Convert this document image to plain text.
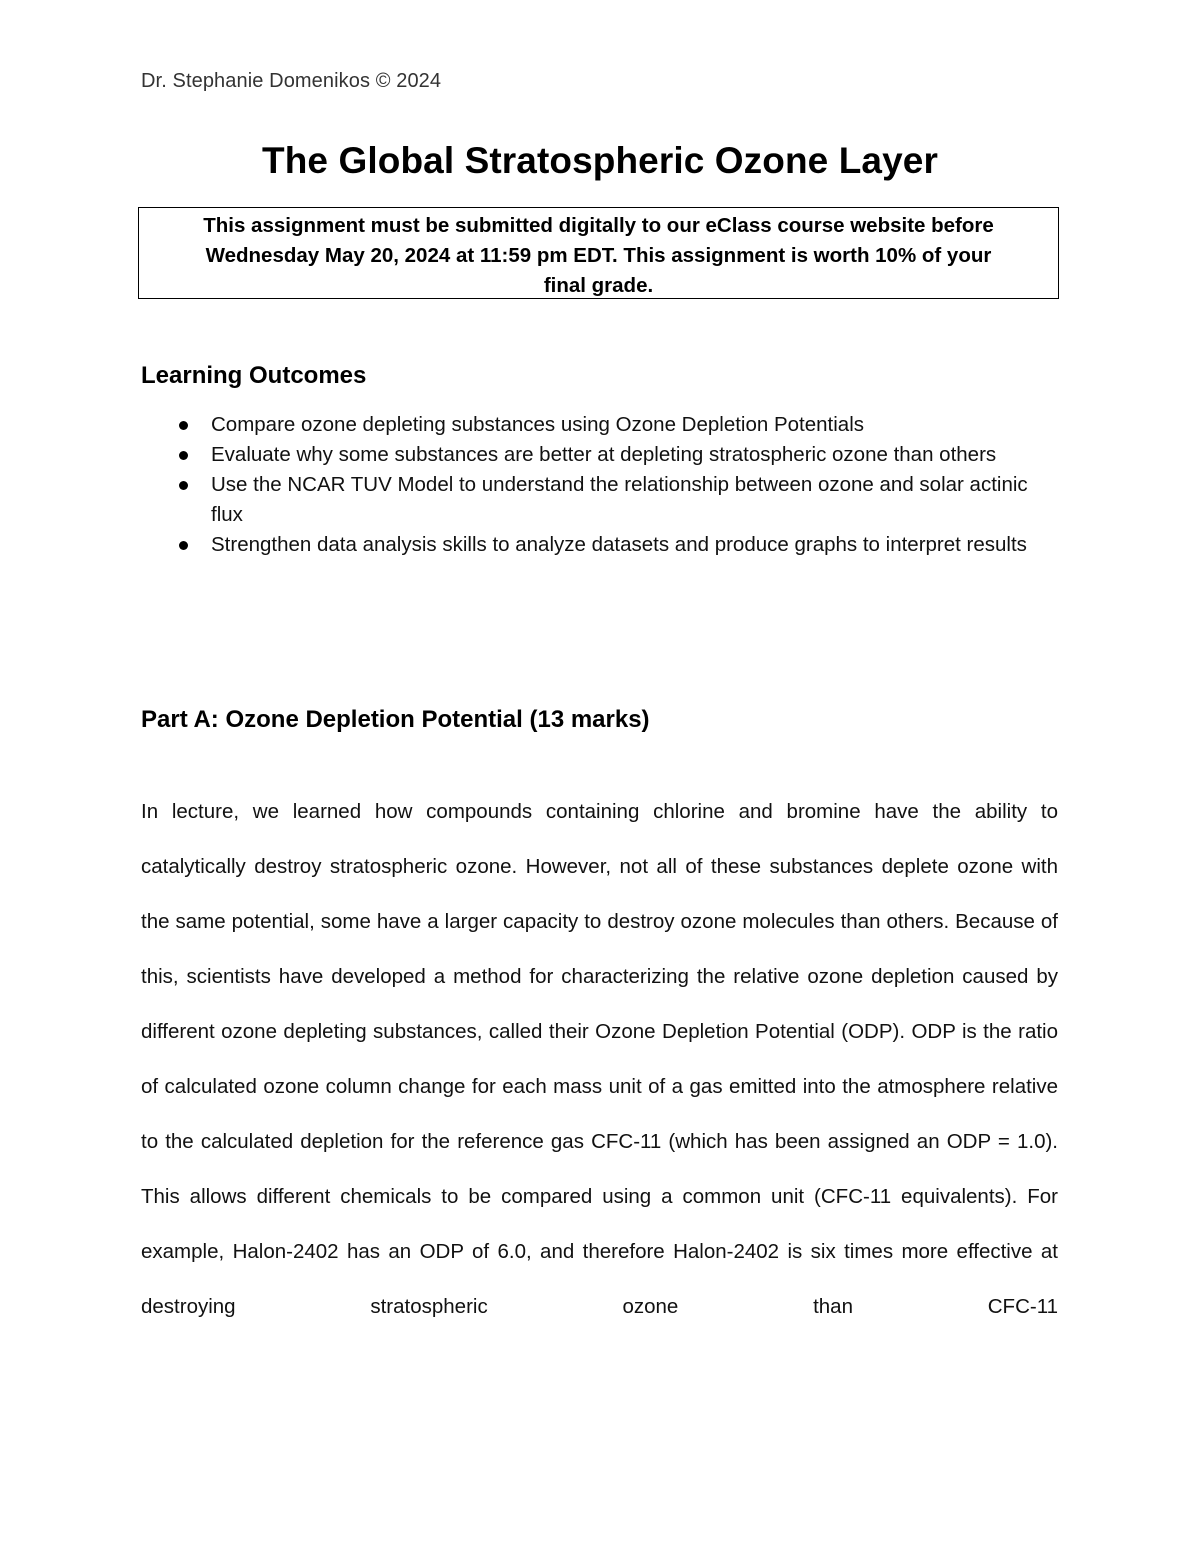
Dr. Stephanie Domenikos © 2024
The Global Stratospheric Ozone Layer
This assignment must be submitted digitally to our eClass course website before
Wednesday May 20, 2024 at 11:59 pm EDT. This assignment is worth 10% of your
final grade.
Learning Outcomes
Compare ozone depleting substances using Ozone Depletion Potentials
Evaluate why some substances are better at depleting stratospheric ozone than others
Use the NCAR TUV Model to understand the relationship between ozone and solar actinic flux
Strengthen data analysis skills to analyze datasets and produce graphs to interpret results
Part A: Ozone Depletion Potential (13 marks)

In lecture, we learned how compounds containing chlorine and bromine have the ability to catalytically destroy stratospheric ozone. However, not all of these substances deplete ozone with the same potential, some have a larger capacity to destroy ozone molecules than others. Because of this, scientists have developed a method for characterizing the relative ozone depletion caused by different ozone depleting substances, called their Ozone Depletion Potential (ODP). ODP is the ratio of calculated ozone column change for each mass unit of a gas emitted into the atmosphere relative to the calculated depletion for the reference gas CFC-11 (which has been assigned an ODP = 1.0). This allows different chemicals to be compared using a common unit (CFC-11 equivalents). For example, Halon-2402 has an ODP of 6.0, and therefore Halon-2402 is six times more effective at destroying stratospheric ozone than CFC-11
